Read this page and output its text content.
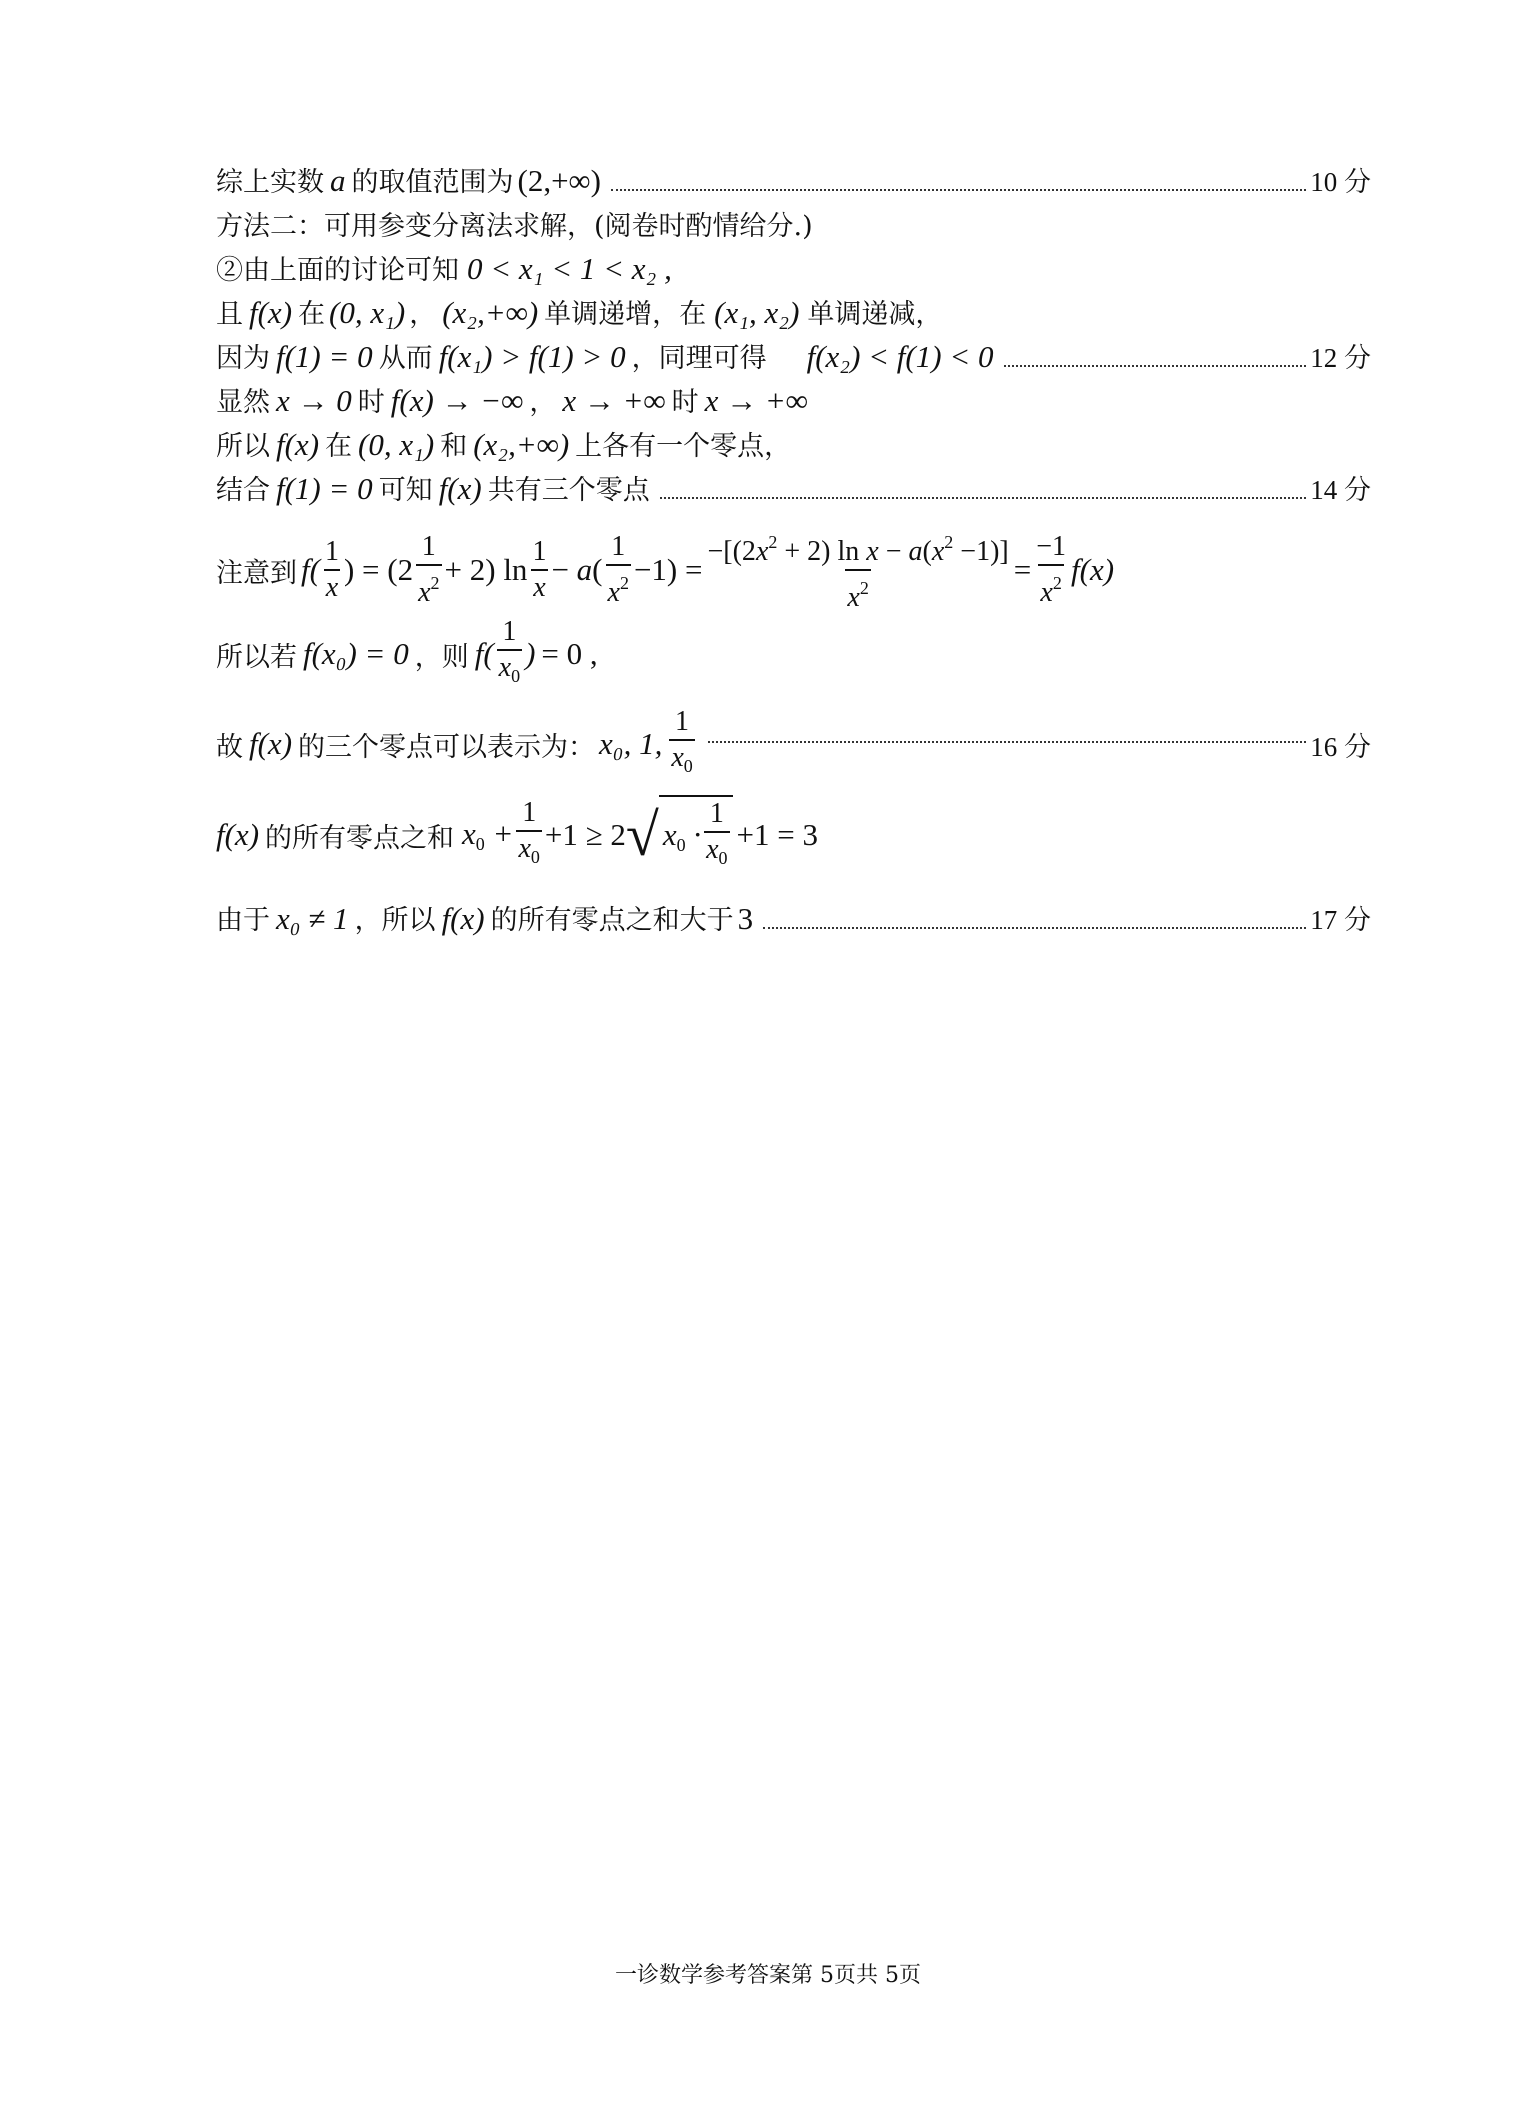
综上实数 a 的取值范围为 (2,+∞)	10 分
方法二：可用参变分离法求解，(阅卷时酌情给分.)
②由上面的讨论可知 0 < x₁ < 1 < x₂ ,
且 f(x) 在 (0, x₁) ， (x₂,+∞) 单调递增，在 (x₁, x₂) 单调递减，
因为 f(1) = 0 从而 f(x₁) > f(1) > 0 ，同理可得 f(x₂) < f(1) < 0	12 分
显然 x → 0 时 f(x) → −∞ ， x → +∞ 时 x → +∞
所以 f(x) 在 (0, x₁) 和 (x₂,+∞) 上各有一个零点，
结合 f(1) = 0 可知 f(x) 共有三个零点	14 分
注意到 $f( \frac{1}{x}$ ) = $(2 \frac{1}{x^2} + 2)$ $\ln \frac{1}{x} - a( \frac{1}{x^2} -1) = \frac{-[(2x^2 + 2) \ln x - a(x^2 -1)]}{x^2} = \frac{-1}{x^2} f(x)$
所以若 f(x₀) = 0 ，则 $f( \frac{1}{x_0}$ ) = 0 ,
故 f(x) 的三个零点可以表示为： x₀, 1, $\frac{1}{x_0}$	16 分
f(x) 的所有零点之和 $x_0 + \frac{1}{x_0} +1 \ge 2$ √ $x_0 \cdot \frac{1}{x_0} +1 = 3$
由于 x₀ ≠ 1 ，所以 f(x) 的所有零点之和大于 3	17 分
一诊数学参考答案第 5页共 5页
